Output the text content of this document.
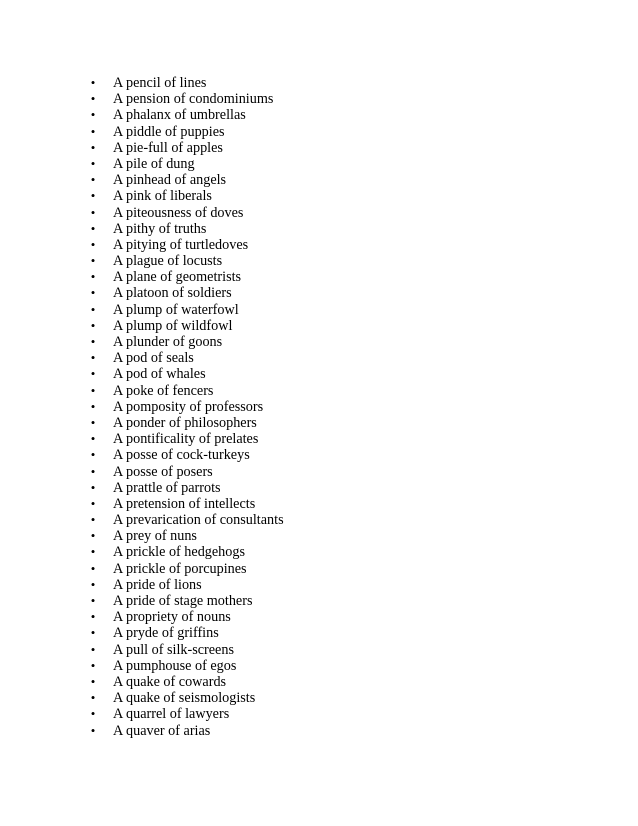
• A pencil of lines
• A pension of condominiums
• A phalanx of umbrellas
• A piddle of puppies
• A pie-full of apples
• A pile of dung
• A pinhead of angels
• A pink of liberals
• A piteousness of doves
• A pithy of truths
• A pitying of turtledoves
• A plague of locusts
• A plane of geometrists
• A platoon of soldiers
• A plump of waterfowl
• A plump of wildfowl
• A plunder of goons
• A pod of seals
• A pod of whales
• A poke of fencers
• A pomposity of professors
• A ponder of philosophers
• A pontificality of prelates
• A posse of cock-turkeys
• A posse of posers
• A prattle of parrots
• A pretension of intellects
• A prevarication of consultants
• A prey of nuns
• A prickle of hedgehogs
• A prickle of porcupines
• A pride of lions
• A pride of stage mothers
• A propriety of nouns
• A pryde of griffins
• A pull of silk-screens
• A pumphouse of egos
• A quake of cowards
• A quake of seismologists
• A quarrel of lawyers
• A quaver of arias
